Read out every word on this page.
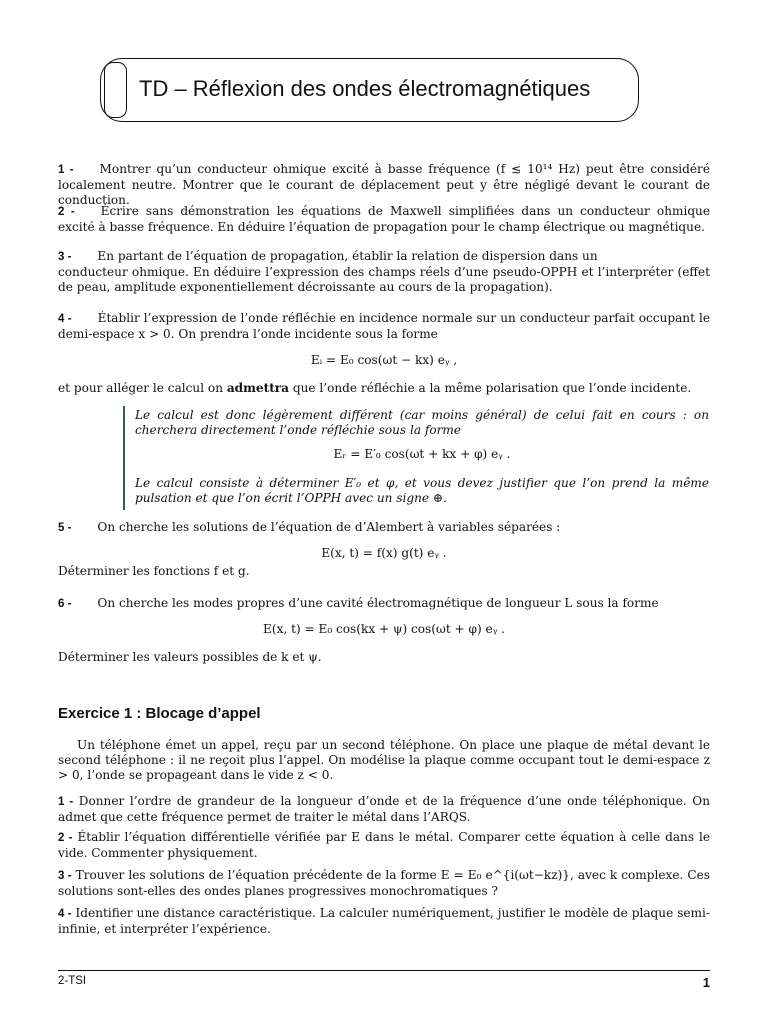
TD – Réflexion des ondes électromagnétiques

1 - Montrer qu’un conducteur ohmique excité à basse fréquence (f ≲ 10¹⁴ Hz) peut être considéré localement neutre. Montrer que le courant de déplacement peut y être négligé devant le courant de conduction.

2 - Écrire sans démonstration les équations de Maxwell simplifiées dans un conducteur ohmique excité à basse fréquence. En déduire l’équation de propagation pour le champ électrique ou magnétique.

3 - En partant de l’équation de propagation, établir la relation de dispersion dans un

conducteur ohmique. En déduire l’expression des champs réels d’une pseudo-OPPH et l’interpréter (effet de peau, amplitude exponentiellement décroissante au cours de la propagation).

4 - Établir l’expression de l’onde réfléchie en incidence normale sur un conducteur parfait occupant le demi-espace x > 0. On prendra l’onde incidente sous la forme

Eᵢ = E₀ cos(ωt − kx) eᵧ ,

et pour alléger le calcul on admettra que l’onde réfléchie a la même polarisation que l’onde incidente.

Le calcul est donc légèrement différent (car moins général) de celui fait en cours : on cherchera directement l’onde réfléchie sous la forme

Eᵣ = E′₀ cos(ωt + kx + φ) eᵧ .

Le calcul consiste à déterminer E′₀ et φ, et vous devez justifier que l’on prend la même pulsation et que l’on écrit l’OPPH avec un signe ⊕.

5 - On cherche les solutions de l’équation de d’Alembert à variables séparées :

E(x, t) = f(x) g(t) eᵧ .

Déterminer les fonctions f et g.

6 - On cherche les modes propres d’une cavité électromagnétique de longueur L sous la forme

E(x, t) = E₀ cos(kx + ψ) cos(ωt + φ) eᵧ .

Déterminer les valeurs possibles de k et ψ.

Exercice 1 : Blocage d’appel

Un téléphone émet un appel, reçu par un second téléphone. On place une plaque de métal devant le second téléphone : il ne reçoit plus l’appel. On modélise la plaque comme occupant tout le demi-espace z > 0, l’onde se propageant dans le vide z < 0.

1 - Donner l’ordre de grandeur de la longueur d’onde et de la fréquence d’une onde téléphonique. On admet que cette fréquence permet de traiter le métal dans l’ARQS.

2 - Établir l’équation différentielle vérifiée par E dans le métal. Comparer cette équation à celle dans le vide. Commenter physiquement.

3 - Trouver les solutions de l’équation précédente de la forme E = E₀ e^{i(ωt−kz)}, avec k complexe. Ces solutions sont-elles des ondes planes progressives monochromatiques ?

4 - Identifier une distance caractéristique. La calculer numériquement, justifier le modèle de plaque semi-infinie, et interpréter l’expérience.

2-TSI	1
